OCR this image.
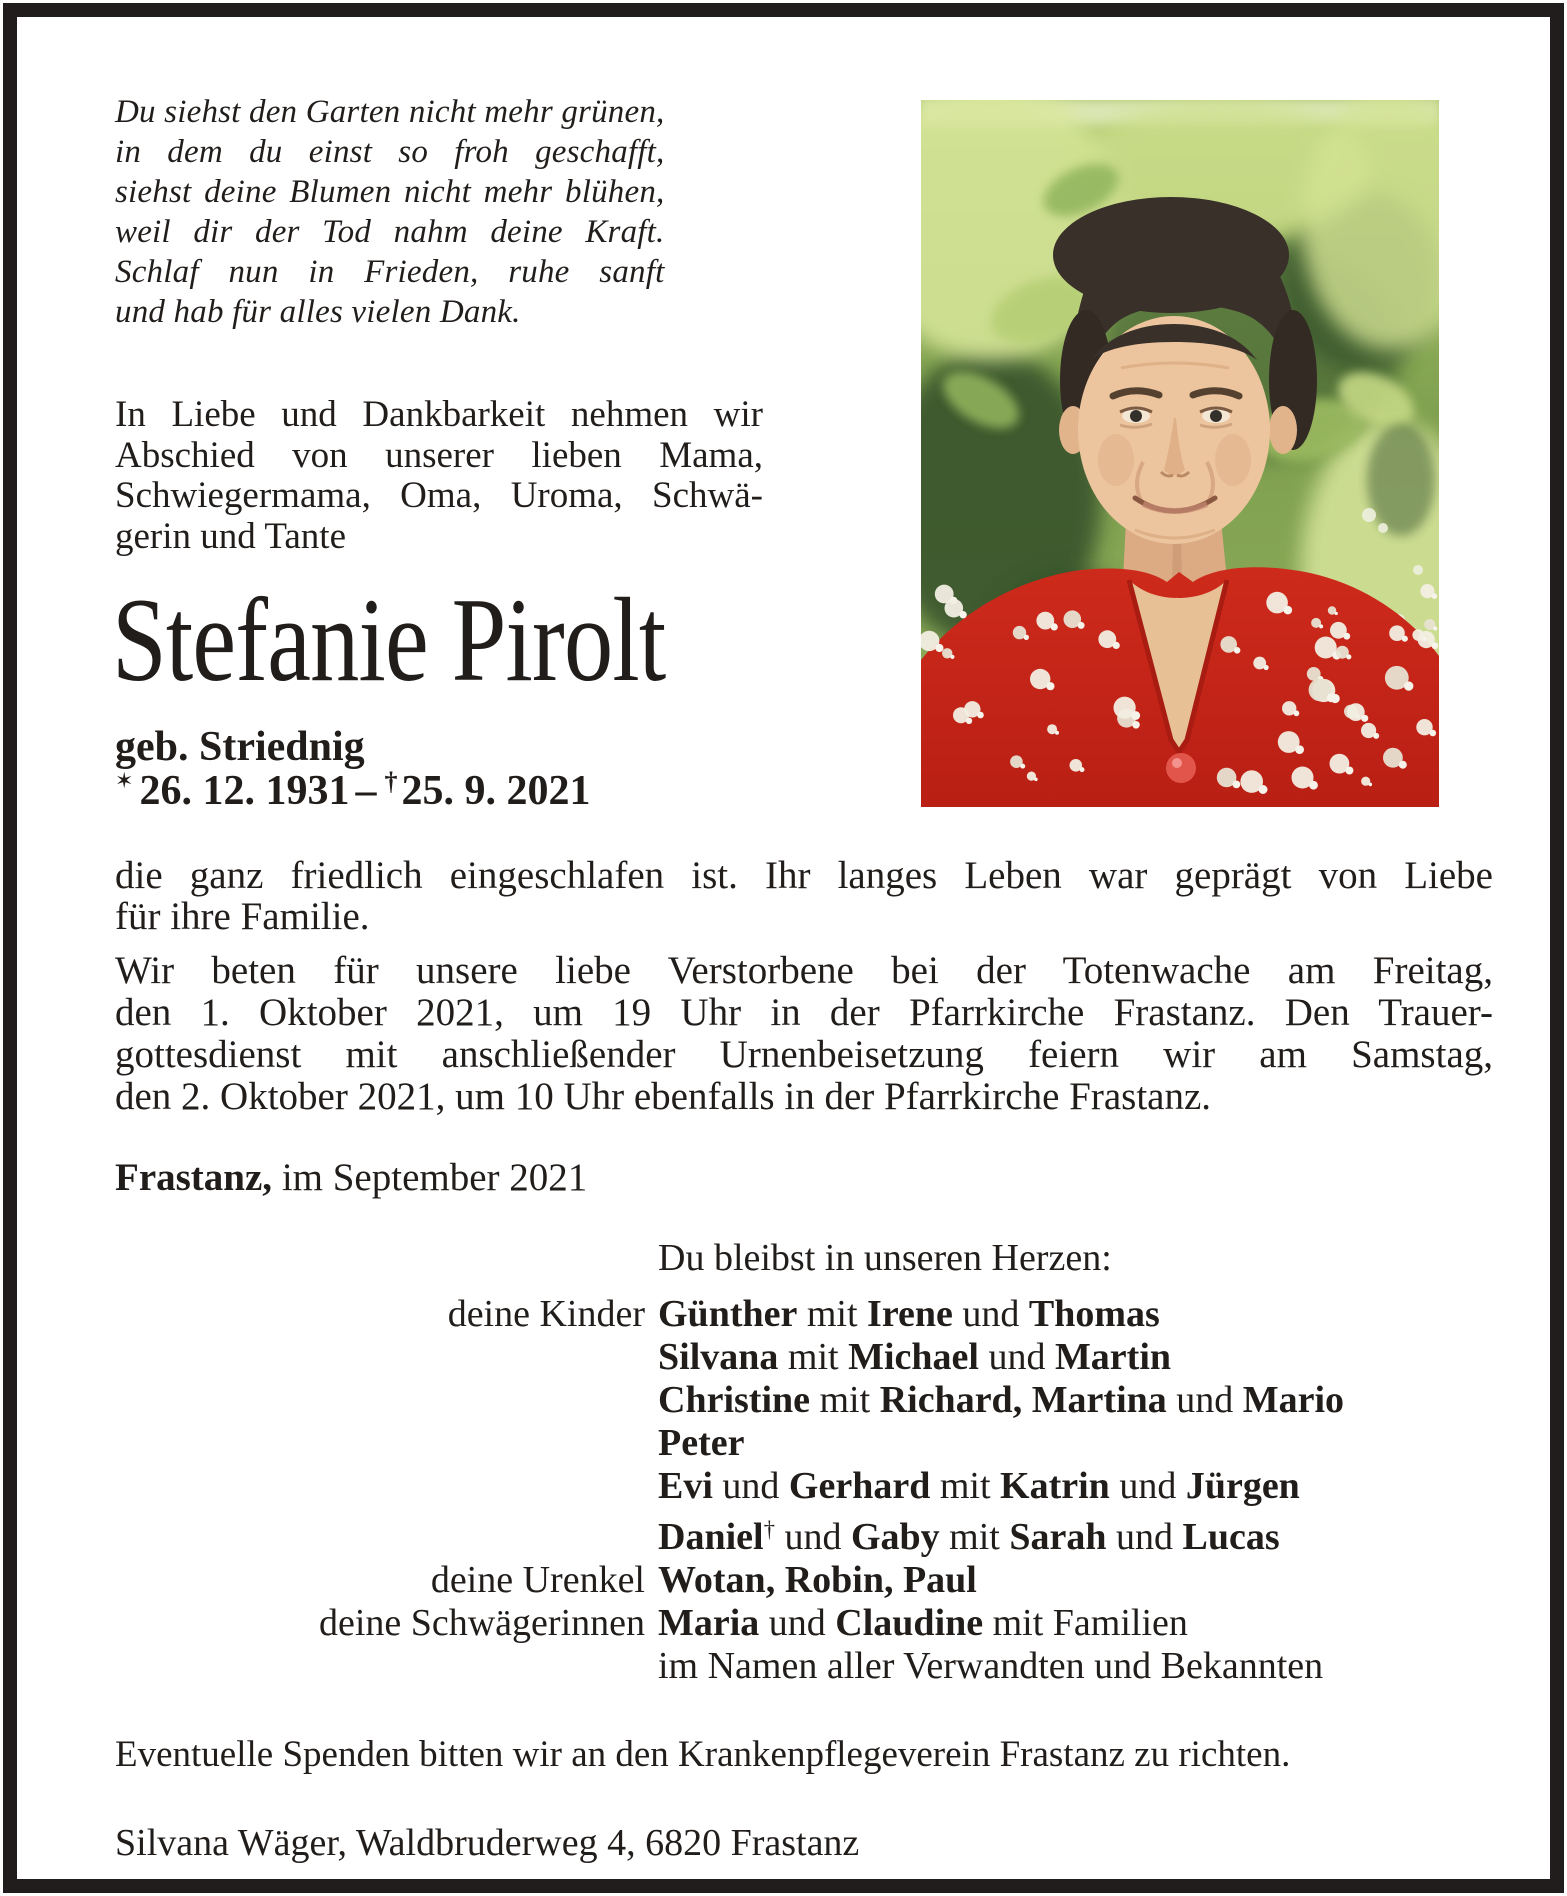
Du siehst den Garten nicht mehr grünen,
in dem du einst so froh geschafft,
siehst deine Blumen nicht mehr blühen,
weil dir der Tod nahm deine Kraft.
Schlaf nun in Frieden, ruhe sanft
und hab für alles vielen Dank.
In Liebe und Dankbarkeit nehmen wir
Abschied von unserer lieben Mama,
Schwiegermama, Oma, Uroma, Schwä-
gerin und Tante
Stefanie Pirolt
geb. Striednig
✶ 26. 12. 1931 – †25. 9. 2021
die ganz friedlich eingeschlafen ist. Ihr langes Leben war geprägt von Liebe
für ihre Familie.
Wir beten für unsere liebe Verstorbene bei der Totenwache am Freitag,
den 1. Oktober 2021, um 19 Uhr in der Pfarrkirche Frastanz. Den Trauer-
gottesdienst mit anschließender Urnenbeisetzung feiern wir am Samstag,
den 2. Oktober 2021, um 10 Uhr ebenfalls in der Pfarrkirche Frastanz.
Frastanz, im September 2021
Du bleibst in unseren Herzen:
deine Kinder Günther mit Irene und Thomas
Silvana mit Michael und Martin
Christine mit Richard, Martina und Mario
Peter
Evi und Gerhard mit Katrin und Jürgen
Daniel† und Gaby mit Sarah und Lucas
deine Urenkel Wotan, Robin, Paul
deine Schwägerinnen Maria und Claudine mit Familien
im Namen aller Verwandten und Bekannten
Eventuelle Spenden bitten wir an den Krankenpflegeverein Frastanz zu richten.
Silvana Wäger, Waldbruderweg 4, 6820 Frastanz
